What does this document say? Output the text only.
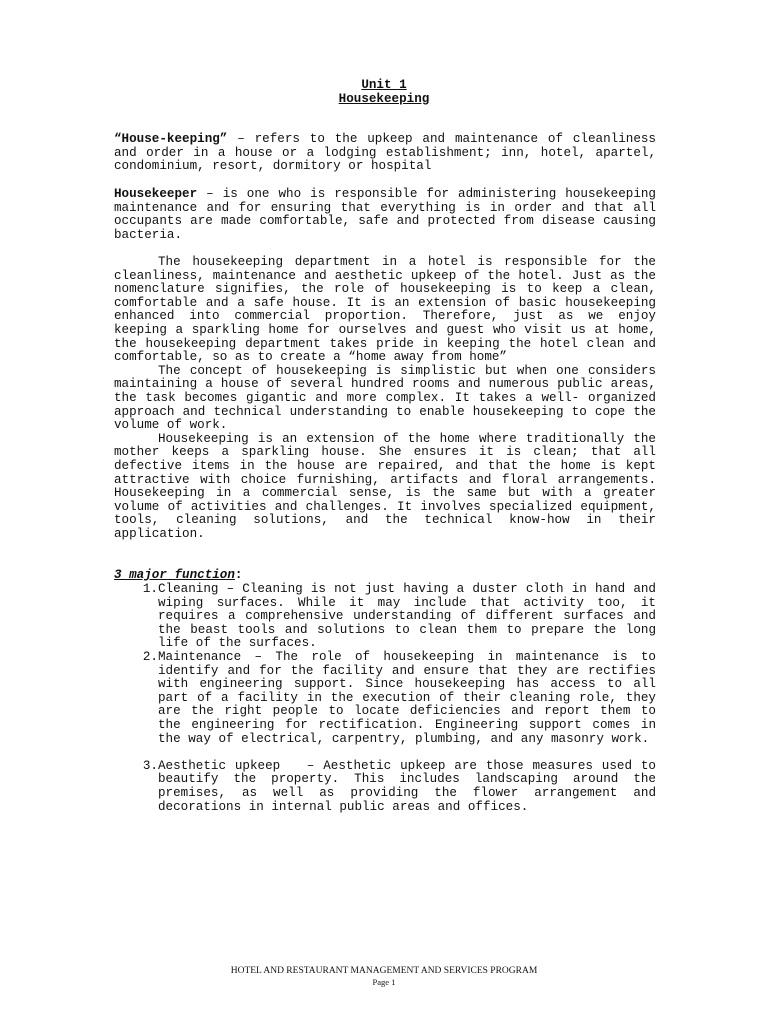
Unit 1
Housekeeping

“House-keeping” – refers to the upkeep and maintenance of cleanliness and order in a house or a lodging establishment; inn, hotel, apartel, condominium, resort, dormitory or hospital

Housekeeper – is one who is responsible for administering housekeeping maintenance and for ensuring that everything is in order and that all occupants are made comfortable, safe and protected from disease causing bacteria.

The housekeeping department in a hotel is responsible for the cleanliness, maintenance and aesthetic upkeep of the hotel. Just as the nomenclature signifies, the role of housekeeping is to keep a clean, comfortable and a safe house. It is an extension of basic housekeeping enhanced into commercial proportion. Therefore, just as we enjoy keeping a sparkling home for ourselves and guest who visit us at home, the housekeeping department takes pride in keeping the hotel clean and comfortable, so as to create a “home away from home”

The concept of housekeeping is simplistic but when one considers maintaining a house of several hundred rooms and numerous public areas, the task becomes gigantic and more complex. It takes a well- organized approach and technical understanding to enable housekeeping to cope the volume of work.

Housekeeping is an extension of the home where traditionally the mother keeps a sparkling house. She ensures it is clean; that all defective items in the house are repaired, and that the home is kept attractive with choice furnishing, artifacts and floral arrangements. Housekeeping in a commercial sense, is the same but with a greater volume of activities and challenges. It involves specialized equipment, tools, cleaning solutions, and the technical know-how in their application.

3 major function:

1. Cleaning – Cleaning is not just having a duster cloth in hand and wiping surfaces. While it may include that activity too, it requires a comprehensive understanding of different surfaces and the beast tools and solutions to clean them to prepare the long life of the surfaces.
2. Maintenance – The role of housekeeping in maintenance is to identify and for the facility and ensure that they are rectifies with engineering support. Since housekeeping has access to all part of a facility in the execution of their cleaning role, they are the right people to locate deficiencies and report them to the engineering for rectification. Engineering support comes in the way of electrical, carpentry, plumbing, and any masonry work.
3. Aesthetic upkeep   – Aesthetic upkeep are those measures used to beautify the property. This includes landscaping around the premises, as well as providing the flower arrangement and decorations in internal public areas and offices.
HOTEL AND RESTAURANT MANAGEMENT AND SERVICES PROGRAM
Page 1
